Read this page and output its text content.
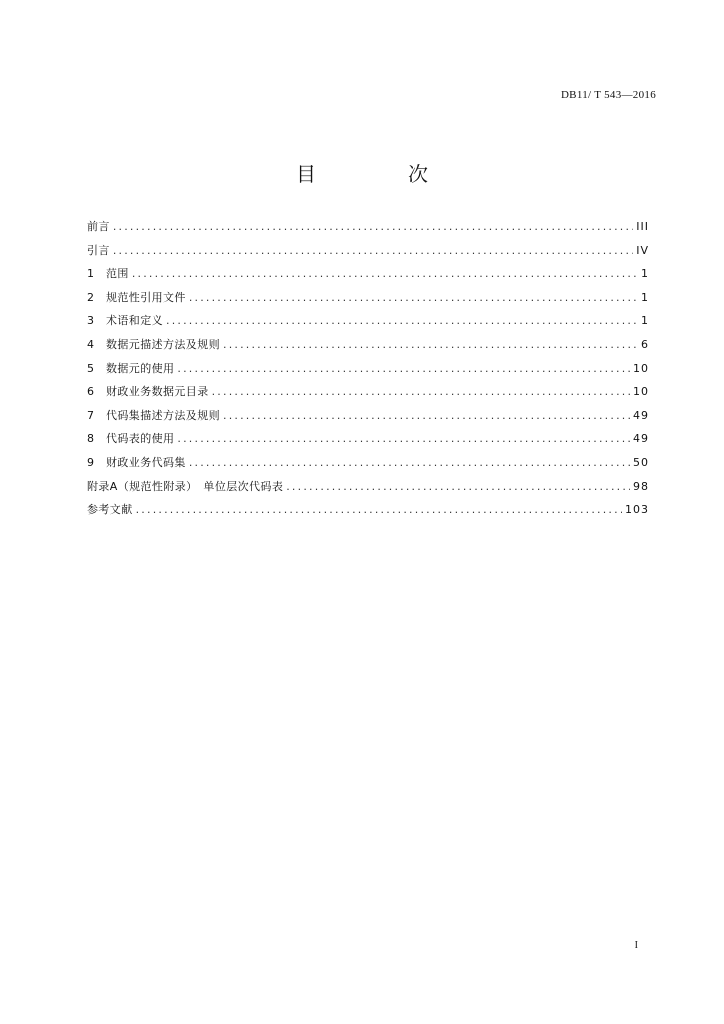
DB11/ T 543—2016
目　次
前言 .....	III
引言 .....	IV
1	范围 .....	1
2	规范性引用文件 .....	1
3	术语和定义 .....	1
4	数据元描述方法及规则 .....	6
5	数据元的使用 .....	10
6	财政业务数据元目录 .....	10
7	代码集描述方法及规则 .....	49
8	代码表的使用 .....	49
9	财政业务代码集 .....	50
附录A（规范性附录）　单位层次代码表 .....	98
参考文献 .....	103
I
